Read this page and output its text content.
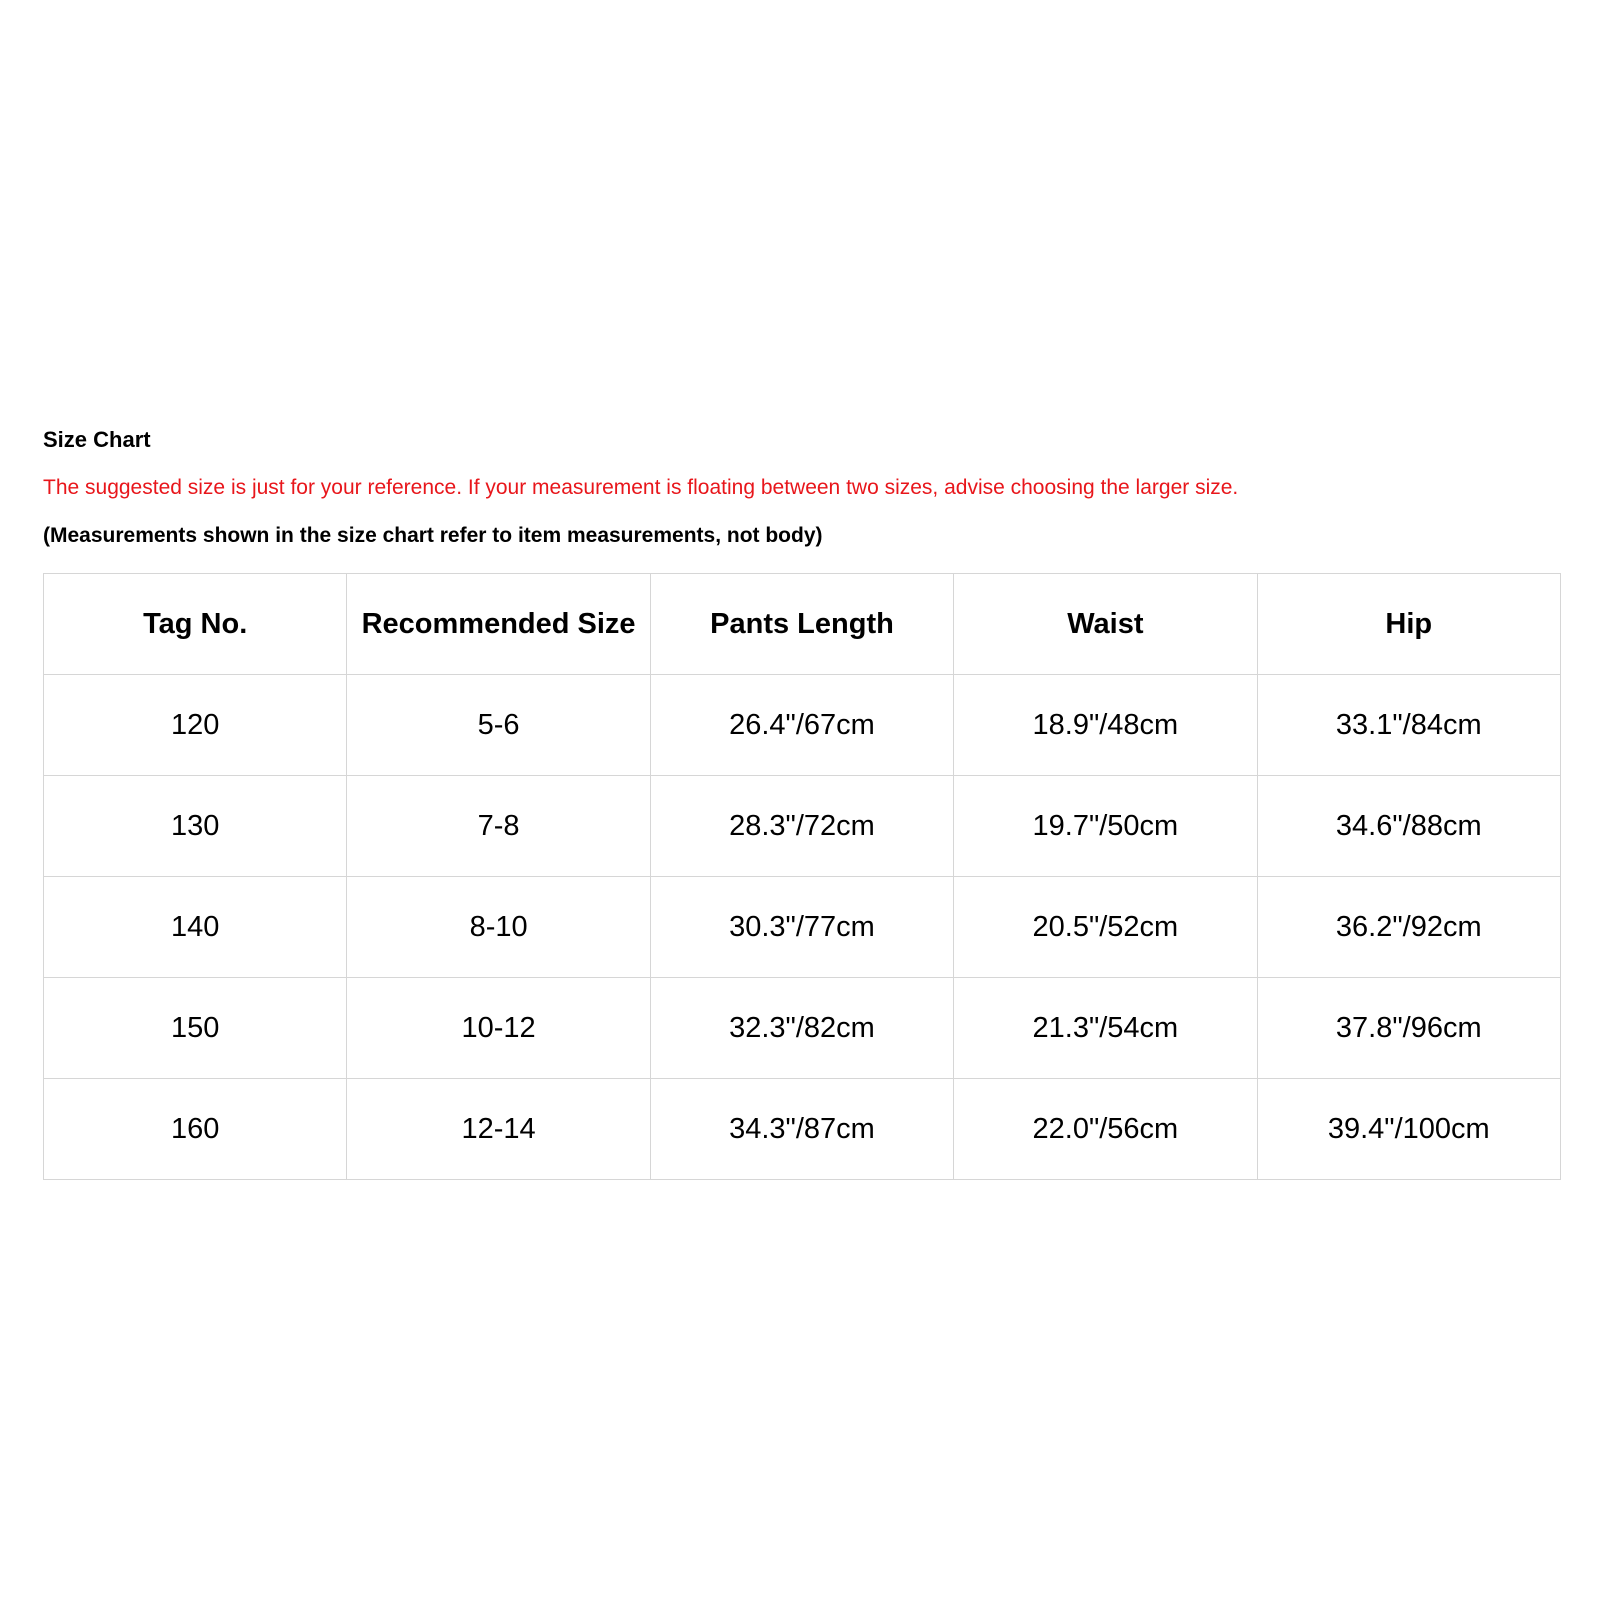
Size Chart
The suggested size is just for your reference. If your measurement is floating between two sizes, advise choosing the larger size.
(Measurements shown in the size chart refer to item measurements, not body)
Tag No.	Recommended Size	Pants Length	Waist	Hip
120	5-6	26.4"/67cm	18.9"/48cm	33.1"/84cm
130	7-8	28.3"/72cm	19.7"/50cm	34.6"/88cm
140	8-10	30.3"/77cm	20.5"/52cm	36.2"/92cm
150	10-12	32.3"/82cm	21.3"/54cm	37.8"/96cm
160	12-14	34.3"/87cm	22.0"/56cm	39.4"/100cm
